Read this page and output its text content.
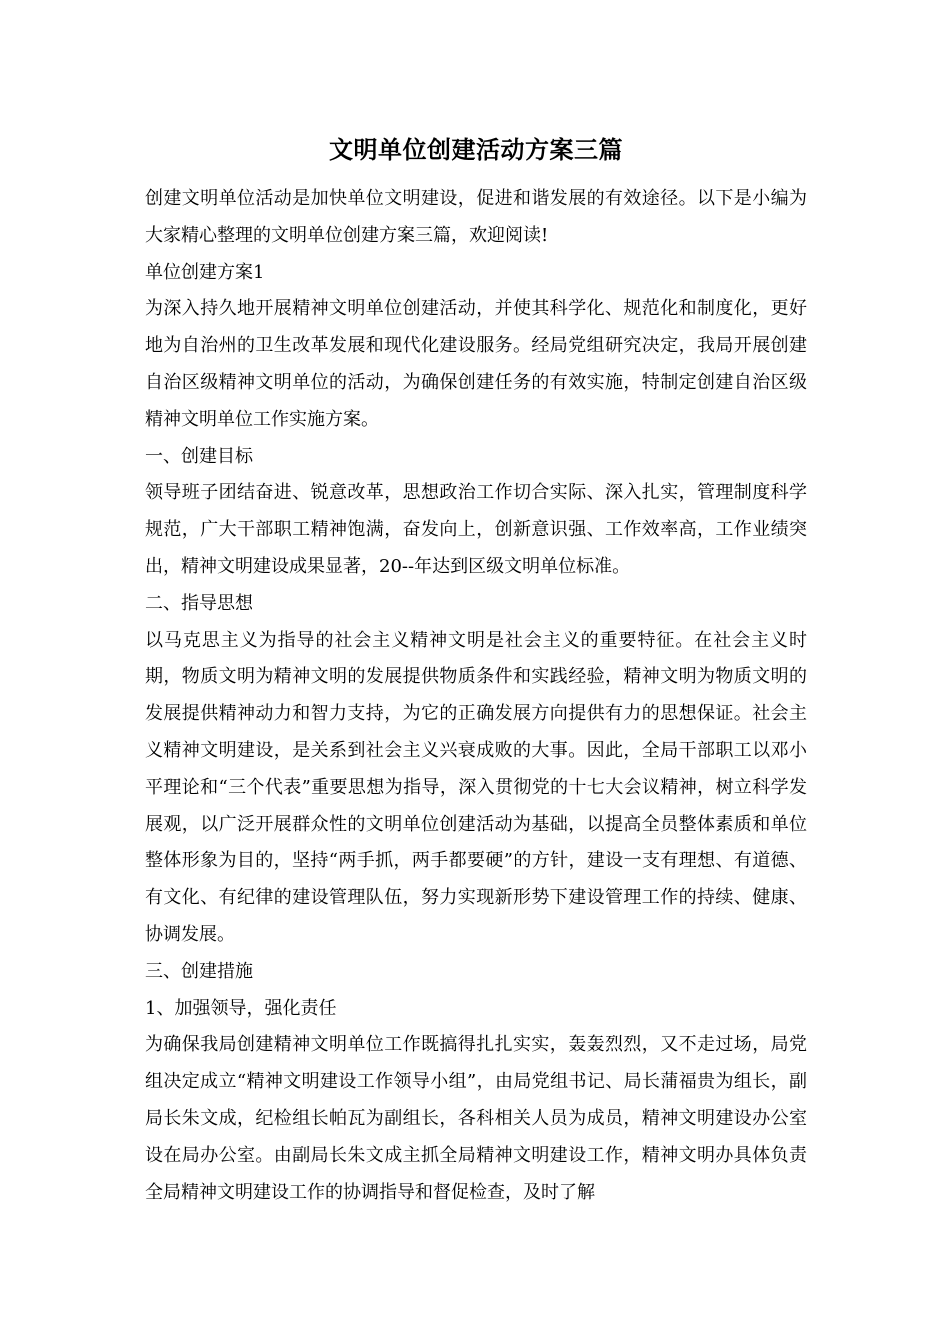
文明单位创建活动方案三篇

创建文明单位活动是加快单位文明建设，促进和谐发展的有效途径。以下是小编为大家精心整理的文明单位创建方案三篇，欢迎阅读!

单位创建方案1

为深入持久地开展精神文明单位创建活动，并使其科学化、规范化和制度化，更好地为自治州的卫生改革发展和现代化建设服务。经局党组研究决定，我局开展创建自治区级精神文明单位的活动，为确保创建任务的有效实施，特制定创建自治区级精神文明单位工作实施方案。

一、创建目标

领导班子团结奋进、锐意改革，思想政治工作切合实际、深入扎实，管理制度科学规范，广大干部职工精神饱满，奋发向上，创新意识强、工作效率高，工作业绩突出，精神文明建设成果显著，20--年达到区级文明单位标准。

二、指导思想

以马克思主义为指导的社会主义精神文明是社会主义的重要特征。在社会主义时期，物质文明为精神文明的发展提供物质条件和实践经验，精神文明为物质文明的发展提供精神动力和智力支持，为它的正确发展方向提供有力的思想保证。社会主义精神文明建设，是关系到社会主义兴衰成败的大事。因此，全局干部职工以邓小平理论和“三个代表”重要思想为指导，深入贯彻党的十七大会议精神，树立科学发展观，以广泛开展群众性的文明单位创建活动为基础，以提高全员整体素质和单位整体形象为目的，坚持“两手抓，两手都要硬”的方针，建设一支有理想、有道德、有文化、有纪律的建设管理队伍，努力实现新形势下建设管理工作的持续、健康、协调发展。

三、创建措施

1、加强领导，强化责任

为确保我局创建精神文明单位工作既搞得扎扎实实，轰轰烈烈，又不走过场，局党组决定成立“精神文明建设工作领导小组”，由局党组书记、局长蒲福贵为组长，副局长朱文成，纪检组长帕瓦为副组长，各科相关人员为成员，精神文明建设办公室设在局办公室。由副局长朱文成主抓全局精神文明建设工作，精神文明办具体负责全局精神文明建设工作的协调指导和督促检查，及时了解
